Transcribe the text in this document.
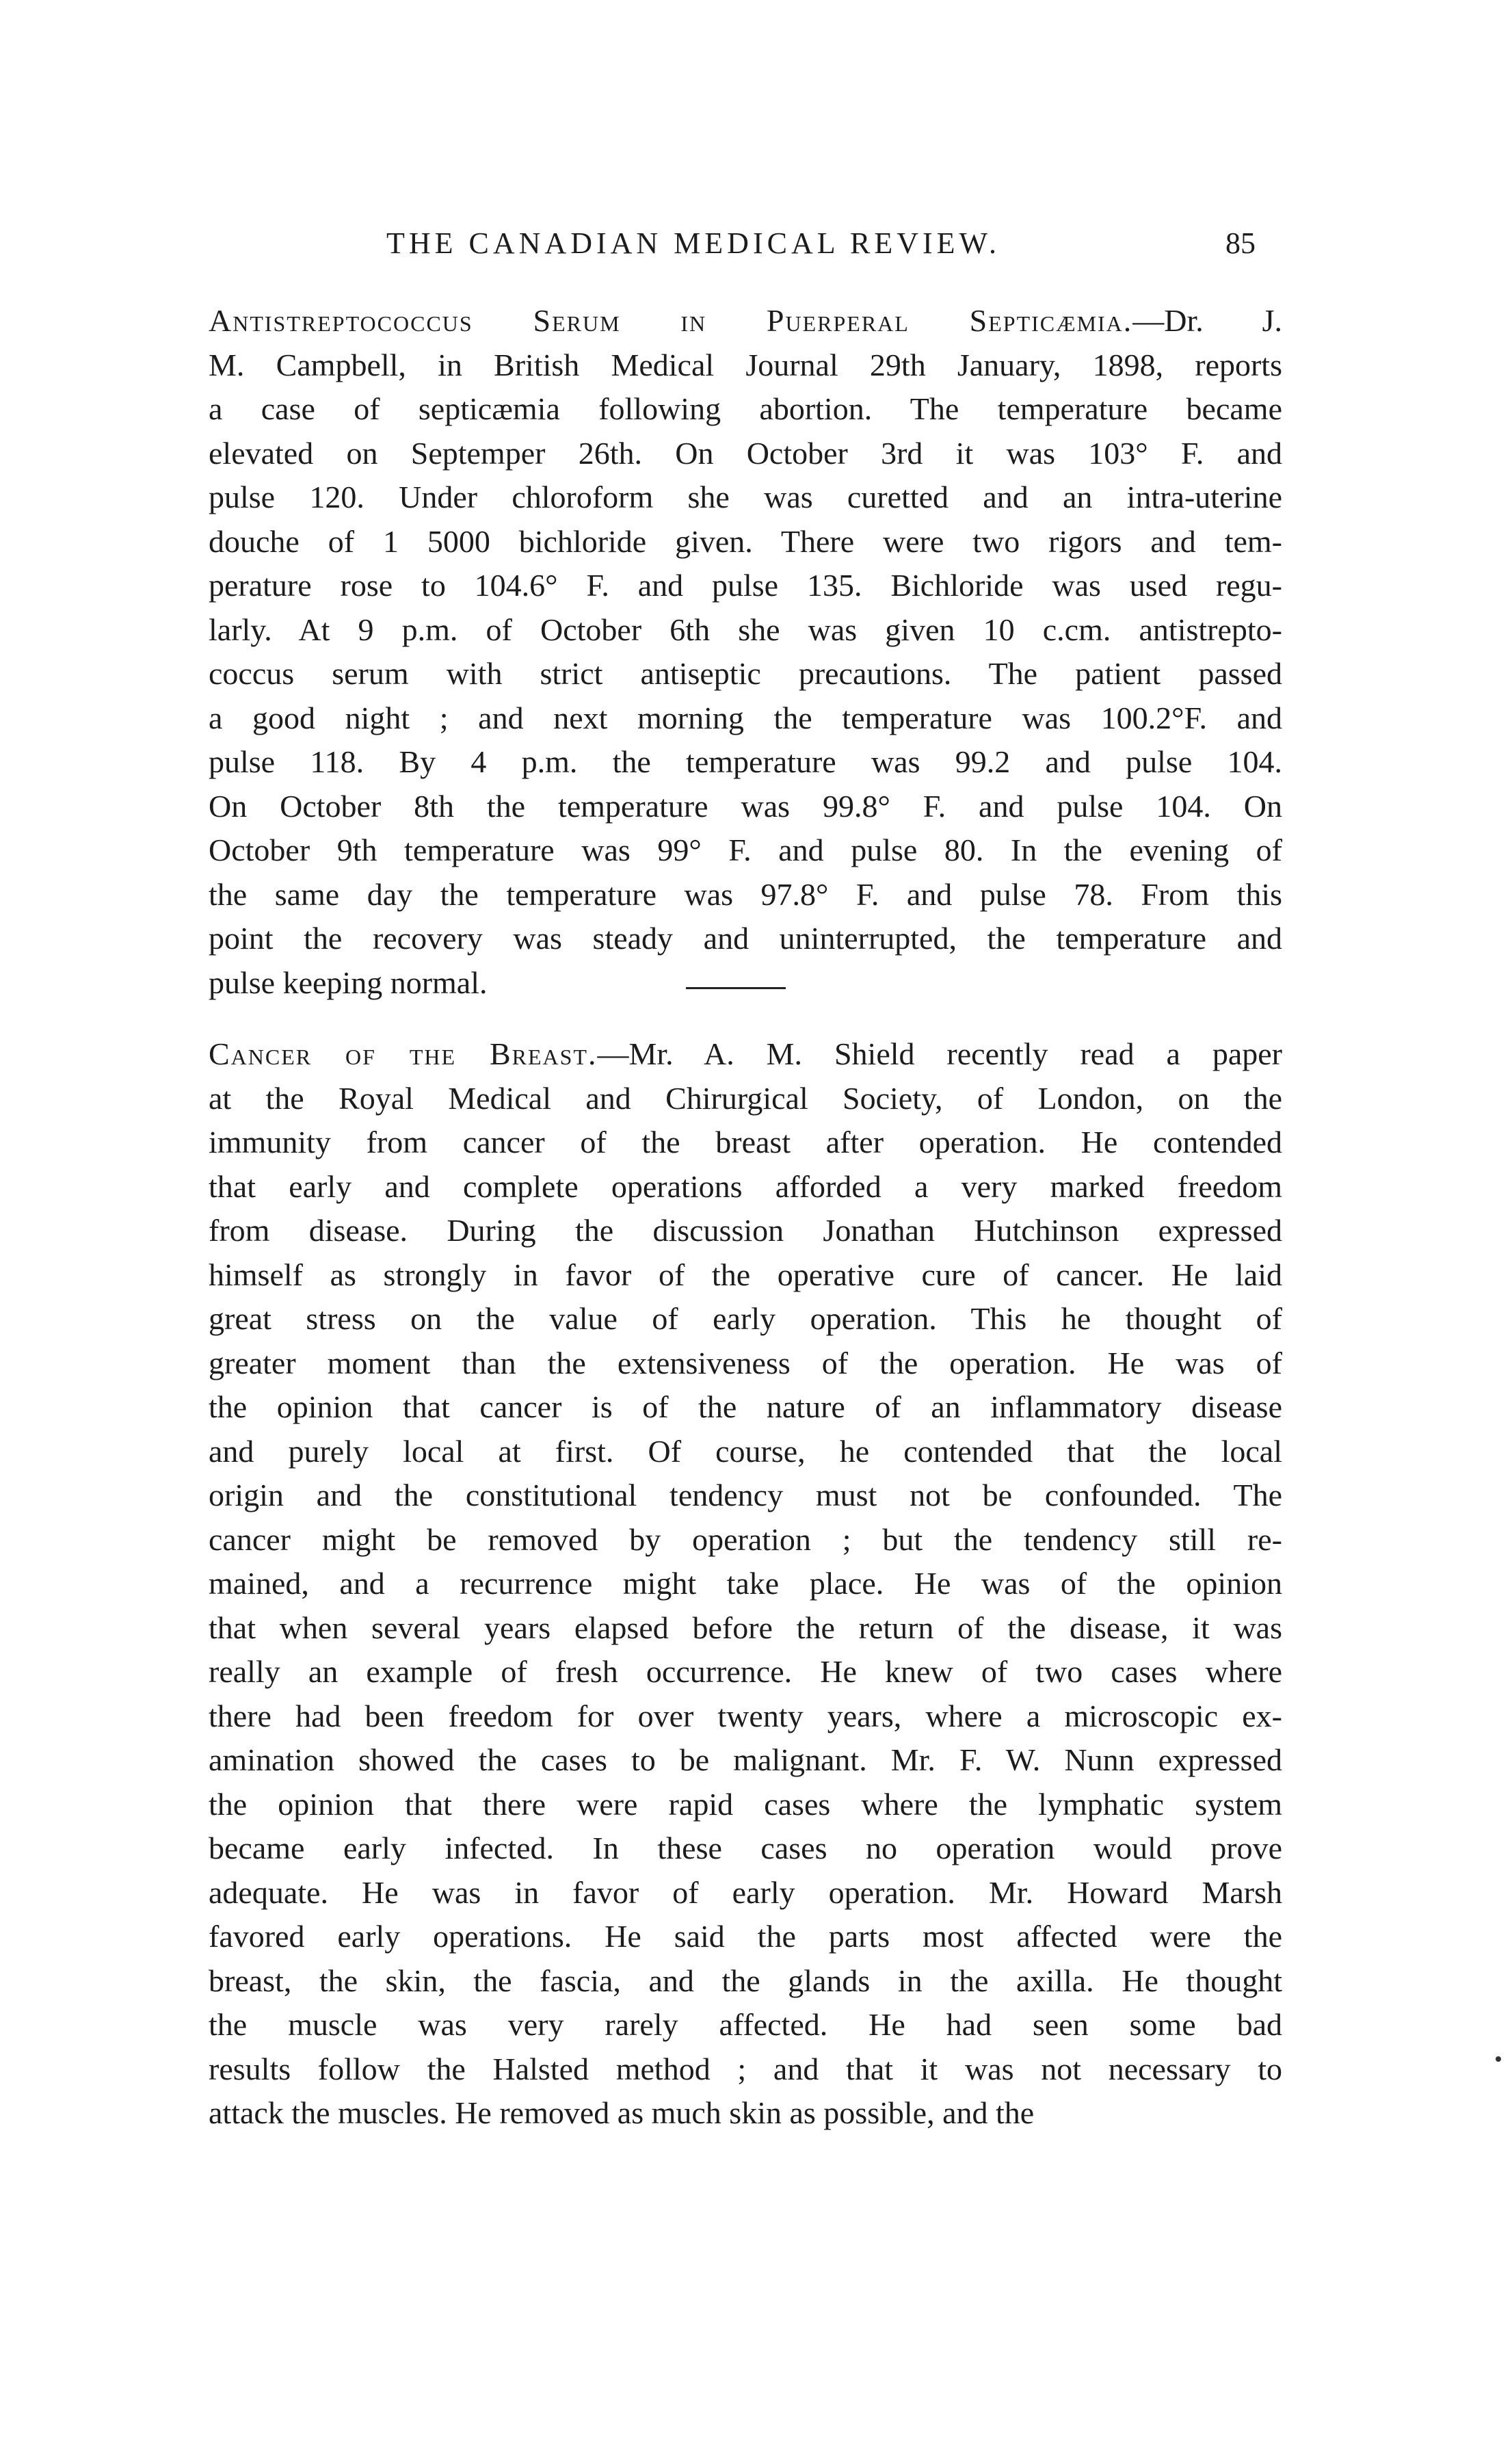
THE CANADIAN MEDICAL REVIEW.	85
Antistreptococcus Serum in Puerperal Septicæmia.—Dr. J.
M. Campbell, in British Medical Journal 29th January, 1898, reports
a case of septicæmia following abortion. The temperature became
elevated on Septemper 26th. On October 3rd it was 103° F. and
pulse 120. Under chloroform she was curetted and an intra-uterine
douche of 1 5000 bichloride given. There were two rigors and tem-
perature rose to 104.6° F. and pulse 135. Bichloride was used regu-
larly. At 9 p.m. of October 6th she was given 10 c.cm. antistrepto-
coccus serum with strict antiseptic precautions. The patient passed
a good night ; and next morning the temperature was 100.2°F. and
pulse 118. By 4 p.m. the temperature was 99.2 and pulse 104.
On October 8th the temperature was 99.8° F. and pulse 104. On
October 9th temperature was 99° F. and pulse 80. In the evening of
the same day the temperature was 97.8° F. and pulse 78. From this
point the recovery was steady and uninterrupted, the temperature and
pulse keeping normal.
Cancer of the Breast.—Mr. A. M. Shield recently read a paper
at the Royal Medical and Chirurgical Society, of London, on the
immunity from cancer of the breast after operation. He contended
that early and complete operations afforded a very marked freedom
from disease. During the discussion Jonathan Hutchinson expressed
himself as strongly in favor of the operative cure of cancer. He laid
great stress on the value of early operation. This he thought of
greater moment than the extensiveness of the operation. He was of
the opinion that cancer is of the nature of an inflammatory disease
and purely local at first. Of course, he contended that the local
origin and the constitutional tendency must not be confounded. The
cancer might be removed by operation ; but the tendency still re-
mained, and a recurrence might take place. He was of the opinion
that when several years elapsed before the return of the disease, it was
really an example of fresh occurrence. He knew of two cases where
there had been freedom for over twenty years, where a microscopic ex-
amination showed the cases to be malignant. Mr. F. W. Nunn expressed
the opinion that there were rapid cases where the lymphatic system
became early infected. In these cases no operation would prove
adequate. He was in favor of early operation. Mr. Howard Marsh
favored early operations. He said the parts most affected were the
breast, the skin, the fascia, and the glands in the axilla. He thought
the muscle was very rarely affected. He had seen some bad
results follow the Halsted method ; and that it was not necessary to
attack the muscles. He removed as much skin as possible, and the
